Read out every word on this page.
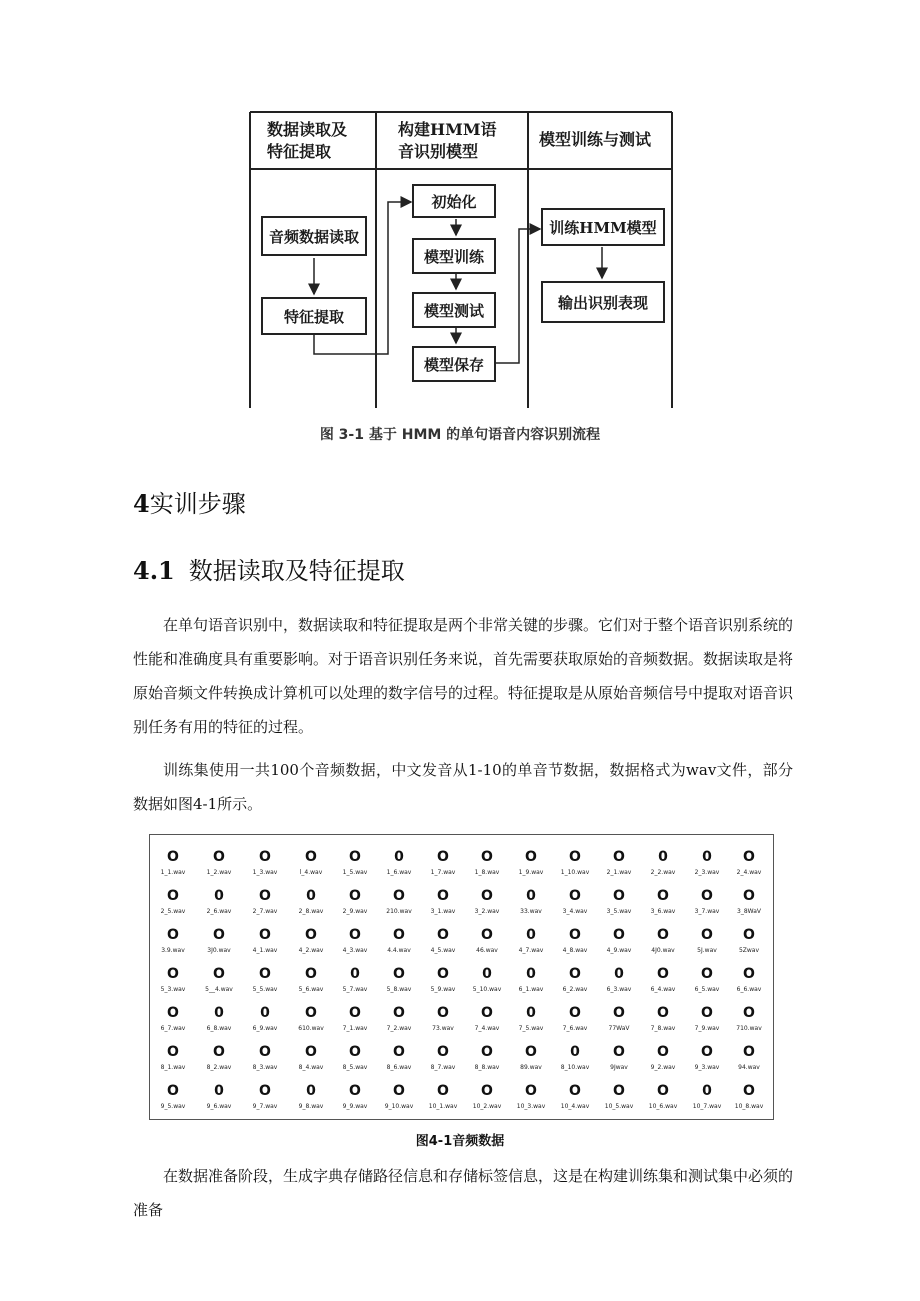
数据读取及
特征提取
构建HMM语
音识别模型
模型训练与测试
音频数据读取
特征提取
初始化
模型训练
模型测试
模型保存
训练HMM模型
输出识别表现
图 3-1 基于 HMM 的单句语音内容识别流程
4实训步骤
4.1 数据读取及特征提取

在单句语音识别中，数据读取和特征提取是两个非常关键的步骤。它们对于整个语音识别系统的性能和准确度具有重要影响。对于语音识别任务来说，首先需要获取原始的音频数据。数据读取是将原始音频文件转换成计算机可以处理的数字信号的过程。特征提取是从原始音频信号中提取对语音识别任务有用的特征的过程。

训练集使用一共100个音频数据，中文发音从1-10的单音节数据，数据格式为wav文件，部分数据如图4-1所示。

O
1_1.wav
O
1_2.wav
O
1_3.wav
O
l_4.wav
O
1_5.wav
0
1_6.wav
O
1_7.wav
O
1_8.wav
O
1_9.wav
O
1_10.wav
O
2_1.wav
0
2_2.wav
0
2_3.wav
O
2_4.wav
O
2_5.wav
0
2_6.wav
O
2_7.wav
0
2_8.wav
O
2_9.wav
O
210.wav
O
3_1.wav
O
3_2.wav
0
33.wav
O
3_4.wav
O
3_5.wav
O
3_6.wav
O
3_7.wav
O
3_8WaV
O
3.9.wav
O
3J0.wav
O
4_1.wav
O
4_2.wav
O
4_3.wav
O
4.4.wav
O
4_5.wav
O
46.wav
0
4_7.wav
O
4_8.wav
O
4_9.wav
O
4J0.wav
O
5J.wav
O
5Zwav
O
5_3.wav
O
5__4.wav
O
5_5.wav
O
5_6.wav
0
5_7.wav
O
5_8.wav
O
5_9.wav
0
5_10.wav
0
6_1.wav
O
6_2.wav
0
6_3.wav
O
6_4.wav
O
6_5.wav
O
6_6.wav
O
6_7.wav
0
6_8.wav
0
6_9.wav
O
610.wav
O
7_1.wav
O
7_2.wav
O
73.wav
O
7_4.wav
0
7_5.wav
O
7_6.wav
O
77WaV
O
7_8.wav
O
7_9.wav
O
710.wav
O
8_1.wav
O
8_2.wav
O
8_3.wav
O
8_4.wav
O
8_5.wav
O
8_6.wav
O
8_7.wav
O
8_8.wav
O
89.wav
0
8_10.wav
O
9Jwav
O
9_2.wav
O
9_3.wav
O
94.wav
O
9_5.wav
0
9_6.wav
O
9_7.wav
0
9_8.wav
O
9_9.wav
O
9_10.wav
O
10_1.wav
O
10_2.wav
O
10_3.wav
O
10_4.wav
O
10_5.wav
O
10_6.wav
0
10_7.wav
O
10_8.wav
图4-1音频数据

在数据准备阶段，生成字典存储路径信息和存储标签信息，这是在构建训练集和测试集中必须的准备
